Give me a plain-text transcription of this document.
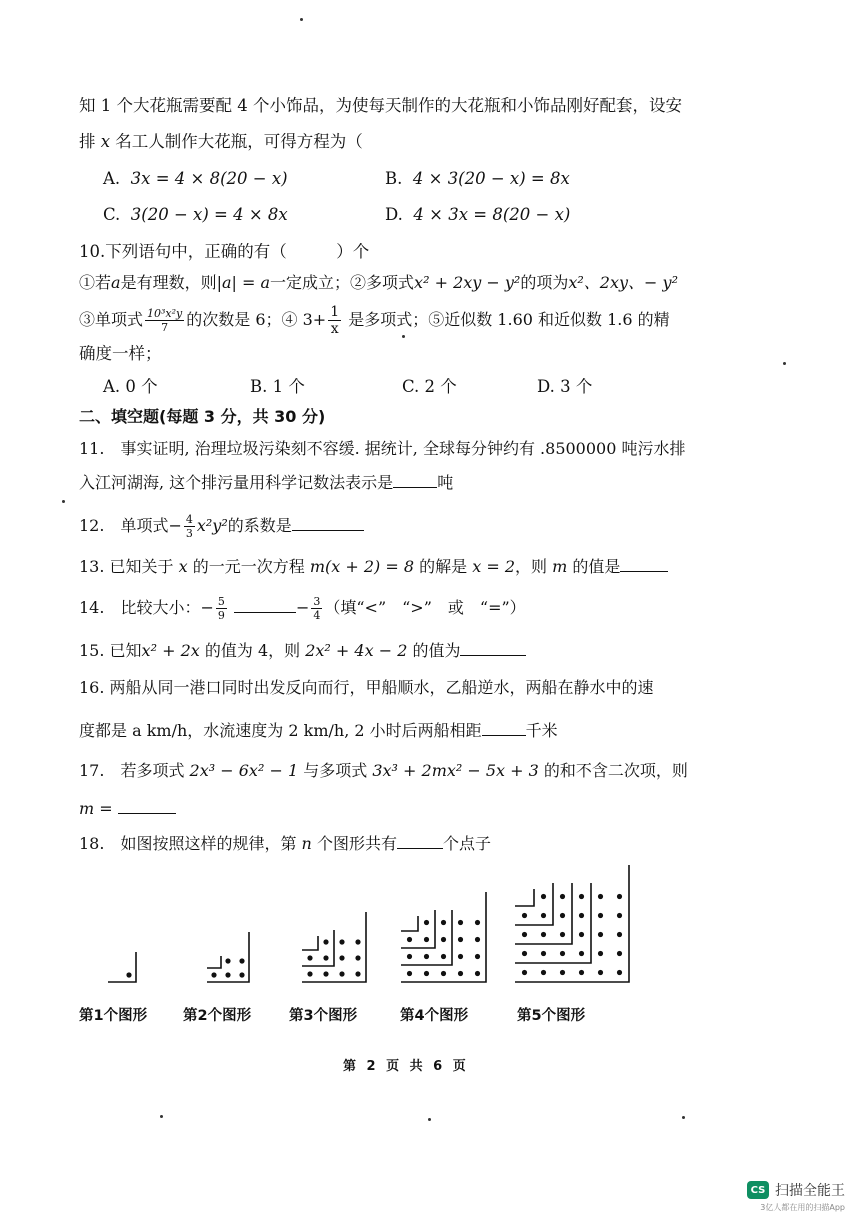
知 1 个大花瓶需要配 4 个小饰品，为使每天制作的大花瓶和小饰品刚好配套，设安
排 x 名工人制作大花瓶，可得方程为（
A. 3x = 4 × 8(20 − x)	B. 4 × 3(20 − x) = 8x
C. 3(20 − x) = 4 × 8x	D. 4 × 3x = 8(20 − x)
10.下列语句中，正确的有（　　　）个
①若a是有理数，则|a| = a一定成立；②多项式x² + 2xy − y²的项为x²、2xy、− y²
③单项式 $\frac{\text{10³x²y}}{7}$ 的次数是 6；④ $3+ \frac{1}{x}$ 是多项式；⑤近似数 1.60 和近似数 1.6 的精
确度一样；
A. 0 个	B. 1 个	C. 2 个	D. 3 个
二、填空题(每题 3 分，共 30 分)
11.　事实证明, 治理垃圾污染刻不容缓. 据统计, 全球每分钟约有 .8500000 吨污水排
入江河湖海, 这个排污量用科学记数法表示是	吨
12.　单项式− $\frac{4}{3} x^2y^2$的系数是
13. 已知关于 x 的一元一次方程 m(x + 2) = 8 的解是 x = 2，则 m 的值是
14.　比较大小：− $\frac{5}{9}$	− $\frac{3}{4}$ （填“<”　“>”　或　“=”）
15. 已知x² + 2x 的值为 4，则 2x² + 4x − 2 的值为
16. 两船从同一港口同时出发反向而行，甲船顺水，乙船逆水，两船在静水中的速
度都是 a km/h，水流速度为 2 km/h, 2 小时后两船相距	千米
17.　若多项式 2x³ − 6x² − 1 与多项式 3x³ + 2mx² − 5x + 3 的和不含二次项，则
m =
18.　如图按照这样的规律，第 n 个图形共有	个点子
第1个图形 第2个图形	第3个图形	第4个图形	第5个图形
第 2 页 共 6 页
CS 扫描全能王
3亿人都在用的扫描App
